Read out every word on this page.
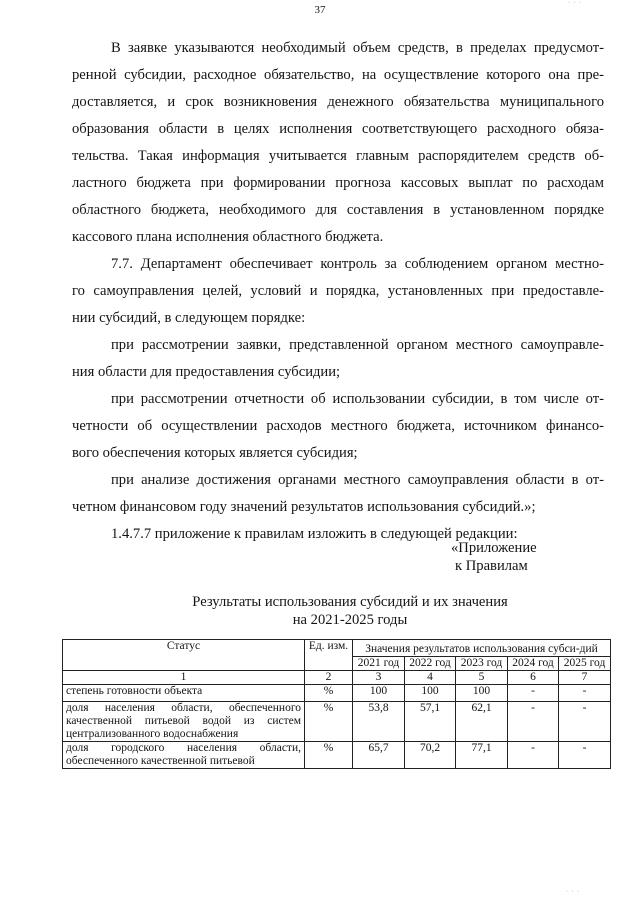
37
В заявке указываются необходимый объем средств, в пределах предусмот-
ренной субсидии, расходное обязательство, на осуществление которого она пре-
доставляется, и срок возникновения денежного обязательства муниципального
образования области в целях исполнения соответствующего расходного обяза-
тельства. Такая информация учитывается главным распорядителем средств об-
ластного бюджета при формировании прогноза кассовых выплат по расходам
областного бюджета, необходимого для составления в установленном порядке
кассового плана исполнения областного бюджета.
7.7. Департамент обеспечивает контроль за соблюдением органом местно-
го самоуправления целей, условий и порядка, установленных при предоставле-
нии субсидий, в следующем порядке:
при рассмотрении заявки, представленной органом местного самоуправле-
ния области для предоставления субсидии;
при рассмотрении отчетности об использовании субсидии, в том числе от-
четности об осуществлении расходов местного бюджета, источником финансо-
вого обеспечения которых является субсидия;
при анализе достижения органами местного самоуправления области в от-
четном финансовом году значений результатов использования субсидий.»;
1.4.7.7 приложение к правилам изложить в следующей редакции:
«Приложение
к Правилам
Результаты использования субсидий и их значения
на 2021-2025 годы
Статус	Ед. изм.	Значения результатов использования субси-дий				
		2021 год	2022 год	2023 год	2024 год	2025 год
1	2	3	4	5	6	7
степень готовности объекта	%	100	100	100	-	-
доля населения области, обеспеченного качественной питьевой водой из систем централизованного водоснабжения	%	53,8	57,1	62,1	-	-
доля городского населения области, обеспеченного качественной питьевой	%	65,7	70,2	77,1	-	-
· · ·
· · ·
